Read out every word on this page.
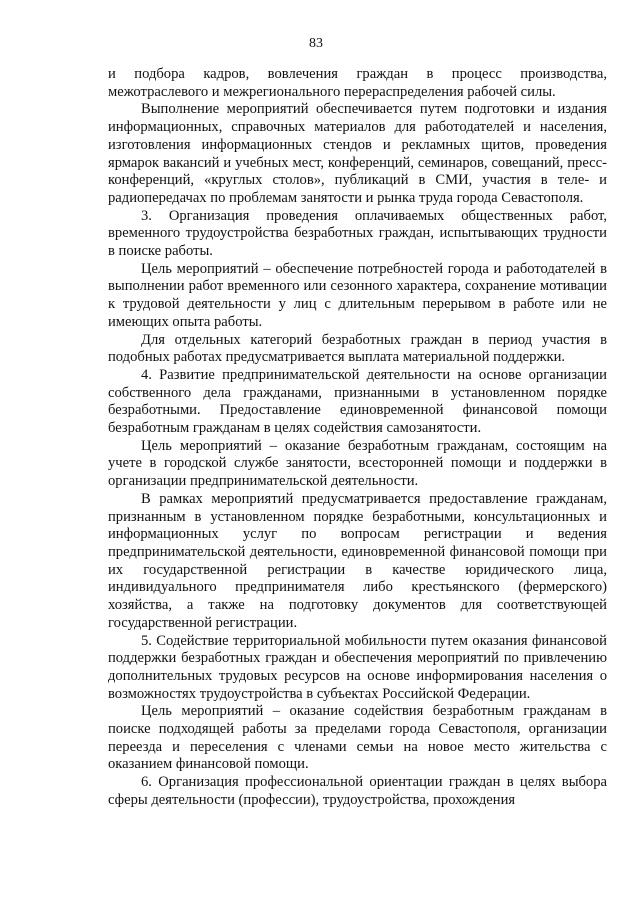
83

и подбора кадров, вовлечения граждан в процесс производства, межотраслевого и межрегионального перераспределения рабочей силы.

Выполнение мероприятий обеспечивается путем подготовки и издания информационных, справочных материалов для работодателей и населения, изготовления информационных стендов и рекламных щитов, проведения ярмарок вакансий и учебных мест, конференций, семинаров, совещаний, пресс-конференций, «круглых столов», публикаций в СМИ, участия в теле- и радиопередачах по проблемам занятости и рынка труда города Севастополя.

3. Организация проведения оплачиваемых общественных работ, временного трудоустройства безработных граждан, испытывающих трудности в поиске работы.

Цель мероприятий – обеспечение потребностей города и работодателей в выполнении работ временного или сезонного характера, сохранение мотивации к трудовой деятельности у лиц с длительным перерывом в работе или не имеющих опыта работы.

Для отдельных категорий безработных граждан в период участия в подобных работах предусматривается выплата материальной поддержки.

4. Развитие предпринимательской деятельности на основе организации собственного дела гражданами, признанными в установленном порядке безработными. Предоставление единовременной финансовой помощи безработным гражданам в целях содействия самозанятости.

Цель мероприятий – оказание безработным гражданам, состоящим на учете в городской службе занятости, всесторонней помощи и поддержки в организации предпринимательской деятельности.

В рамках мероприятий предусматривается предоставление гражданам, признанным в установленном порядке безработными, консультационных и информационных услуг по вопросам регистрации и ведения предпринимательской деятельности, единовременной финансовой помощи при их государственной регистрации в качестве юридического лица, индивидуального предпринимателя либо крестьянского (фермерского) хозяйства, а также на подготовку документов для соответствующей государственной регистрации.

5. Содействие территориальной мобильности путем оказания финансовой поддержки безработных граждан и обеспечения мероприятий по привлечению дополнительных трудовых ресурсов на основе информирования населения о возможностях трудоустройства в субъектах Российской Федерации.

Цель мероприятий – оказание содействия безработным гражданам в поиске подходящей работы за пределами города Севастополя, организации переезда и переселения с членами семьи на новое место жительства с оказанием финансовой помощи.

6. Организация профессиональной ориентации граждан в целях выбора сферы деятельности (профессии), трудоустройства, прохождения
